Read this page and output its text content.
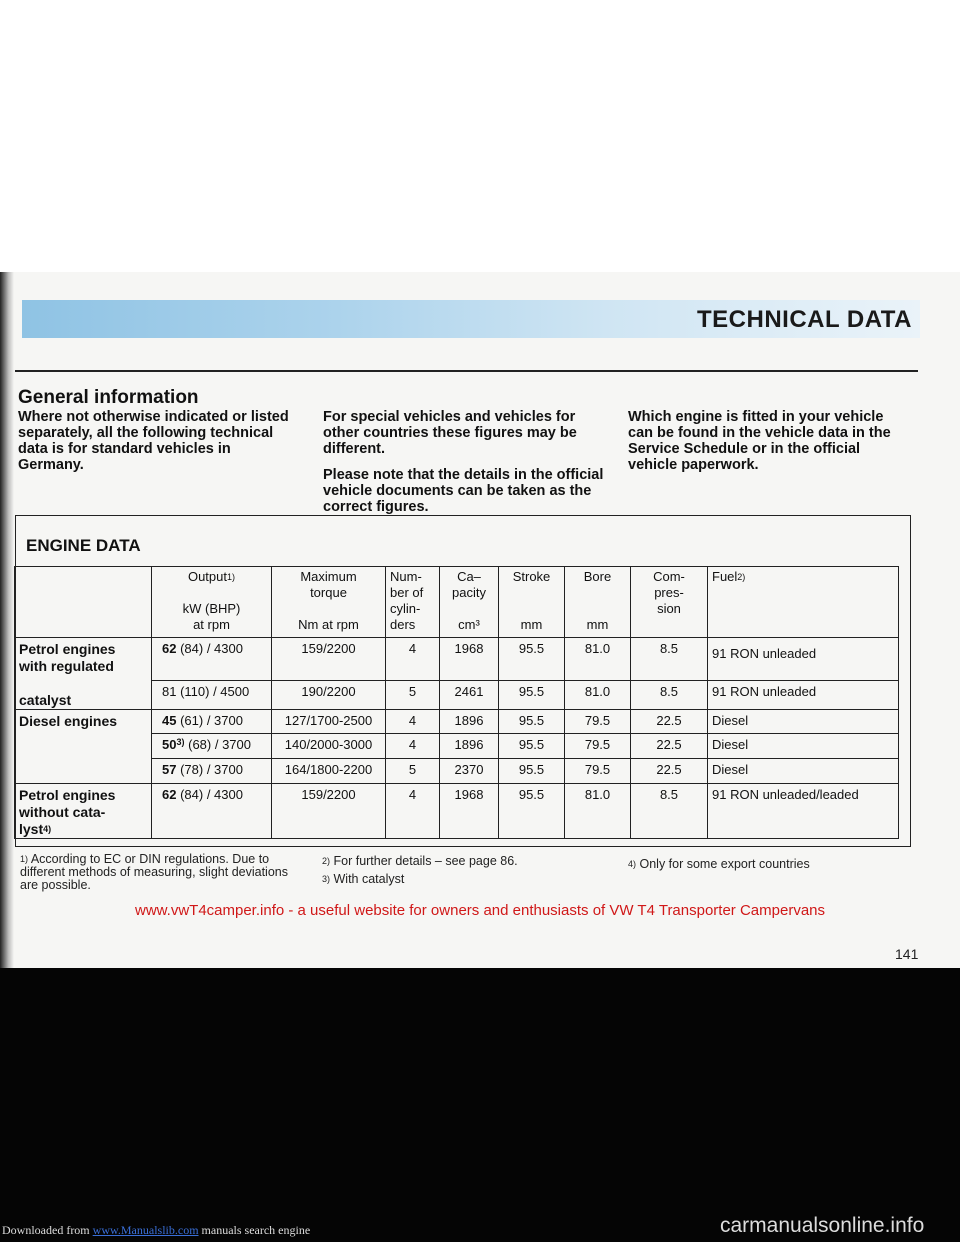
TECHNICAL DATA
General information

Where not otherwise indicated or listed separately, all the following technical data is for standard vehicles in Germany.

For special vehicles and vehicles for other countries these figures may be different.

Please note that the details in the official vehicle documents can be taken as the correct figures.

Which engine is fitted in your vehicle can be found in the vehicle data in the Service Schedule or in the official vehicle paperwork.

ENGINE DATA
	Output$^{1)}$

kW (BHP)
at rpm	Maximum
torque

Nm at rpm	Num-
ber of
cylin-
ders	Ca–
pacity

cm³	Stroke

mm	Bore

mm	Com-
pres-
sion	Fuel$^{2)}$
Petrol engines
with regulated

catalyst	62 (84) / 4300	159/2200	4	1968	95.5	81.0	8.5	91 RON unleaded
	81 (110) / 4500	190/2200	5	2461	95.5	81.0	8.5	91 RON unleaded
Diesel engines	45 (61) / 3700	127/1700-2500	4	1896	95.5	79.5	22.5	Diesel
	50$^{3)}$ (68) / 3700	140/2000-3000	4	1896	95.5	79.5	22.5	Diesel
	57 (78) / 3700	164/1800-2200	5	2370	95.5	79.5	22.5	Diesel
Petrol engines
without cata-
lyst$^{4)}$	62 (84) / 4300	159/2200	4	1968	95.5	81.0	8.5	91 RON unleaded/leaded
$^{1)}$ According to EC or DIN regulations. Due to different methods of measuring, slight deviations are possible.
$^{2)}$ For further details – see page 86.
$^{3)}$ With catalyst
$^{4)}$ Only for some export countries
www.vwT4camper.info - a useful website for owners and enthusiasts of VW T4 Transporter Campervans
141
Downloaded from www.Manualslib.com manuals search engine	carmanualsonline.info
